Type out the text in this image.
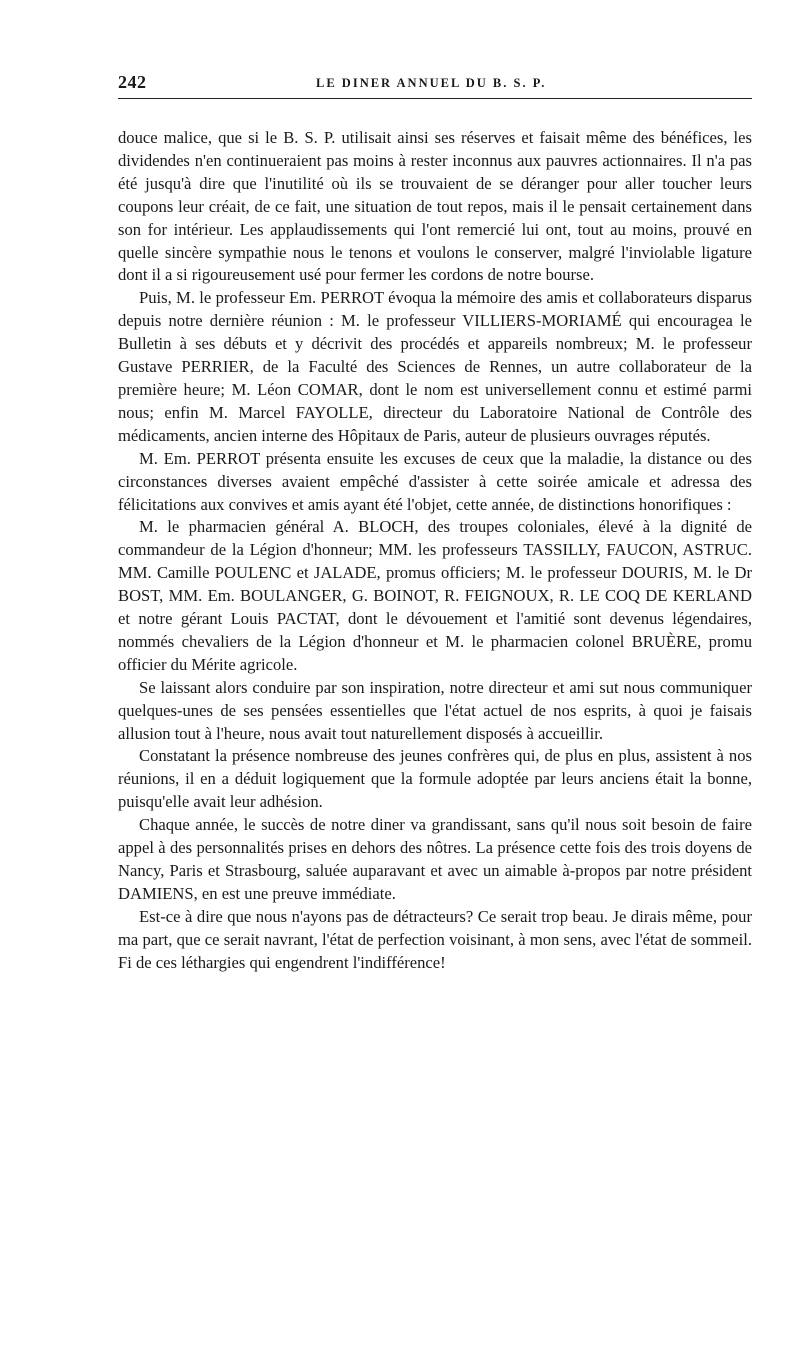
242	LE DINER ANNUEL DU B. S. P.

douce malice, que si le B. S. P. utilisait ainsi ses réserves et faisait même des bénéfices, les dividendes n'en continueraient pas moins à rester inconnus aux pauvres actionnaires. Il n'a pas été jusqu'à dire que l'inutilité où ils se trouvaient de se déranger pour aller toucher leurs coupons leur créait, de ce fait, une situation de tout repos, mais il le pensait certainement dans son for intérieur. Les applaudissements qui l'ont remercié lui ont, tout au moins, prouvé en quelle sincère sympathie nous le tenons et voulons le conserver, malgré l'inviolable ligature dont il a si rigoureusement usé pour fermer les cordons de notre bourse.

Puis, M. le professeur Em. PERROT évoqua la mémoire des amis et collaborateurs disparus depuis notre dernière réunion : M. le professeur VILLIERS-MORIAMÉ qui encouragea le Bulletin à ses débuts et y décrivit des procédés et appareils nombreux; M. le professeur Gustave PERRIER, de la Faculté des Sciences de Rennes, un autre collaborateur de la première heure; M. Léon COMAR, dont le nom est universellement connu et estimé parmi nous; enfin M. Marcel FAYOLLE, directeur du Laboratoire National de Contrôle des médicaments, ancien interne des Hôpitaux de Paris, auteur de plusieurs ouvrages réputés.

M. Em. PERROT présenta ensuite les excuses de ceux que la maladie, la distance ou des circonstances diverses avaient empêché d'assister à cette soirée amicale et adressa des félicitations aux convives et amis ayant été l'objet, cette année, de distinctions honorifiques :

M. le pharmacien général A. BLOCH, des troupes coloniales, élevé à la dignité de commandeur de la Légion d'honneur; MM. les professeurs TASSILLY, FAUCON, ASTRUC. MM. Camille POULENC et JALADE, promus officiers; M. le professeur DOURIS, M. le Dr BOST, MM. Em. BOULANGER, G. BOINOT, R. FEIGNOUX, R. LE COQ DE KERLAND et notre gérant Louis PACTAT, dont le dévouement et l'amitié sont devenus légendaires, nommés chevaliers de la Légion d'honneur et M. le pharmacien colonel BRUÈRE, promu officier du Mérite agricole.

Se laissant alors conduire par son inspiration, notre directeur et ami sut nous communiquer quelques-unes de ses pensées essentielles que l'état actuel de nos esprits, à quoi je faisais allusion tout à l'heure, nous avait tout naturellement disposés à accueillir.

Constatant la présence nombreuse des jeunes confrères qui, de plus en plus, assistent à nos réunions, il en a déduit logiquement que la formule adoptée par leurs anciens était la bonne, puisqu'elle avait leur adhésion.

Chaque année, le succès de notre diner va grandissant, sans qu'il nous soit besoin de faire appel à des personnalités prises en dehors des nôtres. La présence cette fois des trois doyens de Nancy, Paris et Strasbourg, saluée auparavant et avec un aimable à-propos par notre président DAMIENS, en est une preuve immédiate.

Est-ce à dire que nous n'ayons pas de détracteurs? Ce serait trop beau. Je dirais même, pour ma part, que ce serait navrant, l'état de perfection voisinant, à mon sens, avec l'état de sommeil. Fi de ces léthargies qui engendrent l'indifférence!
